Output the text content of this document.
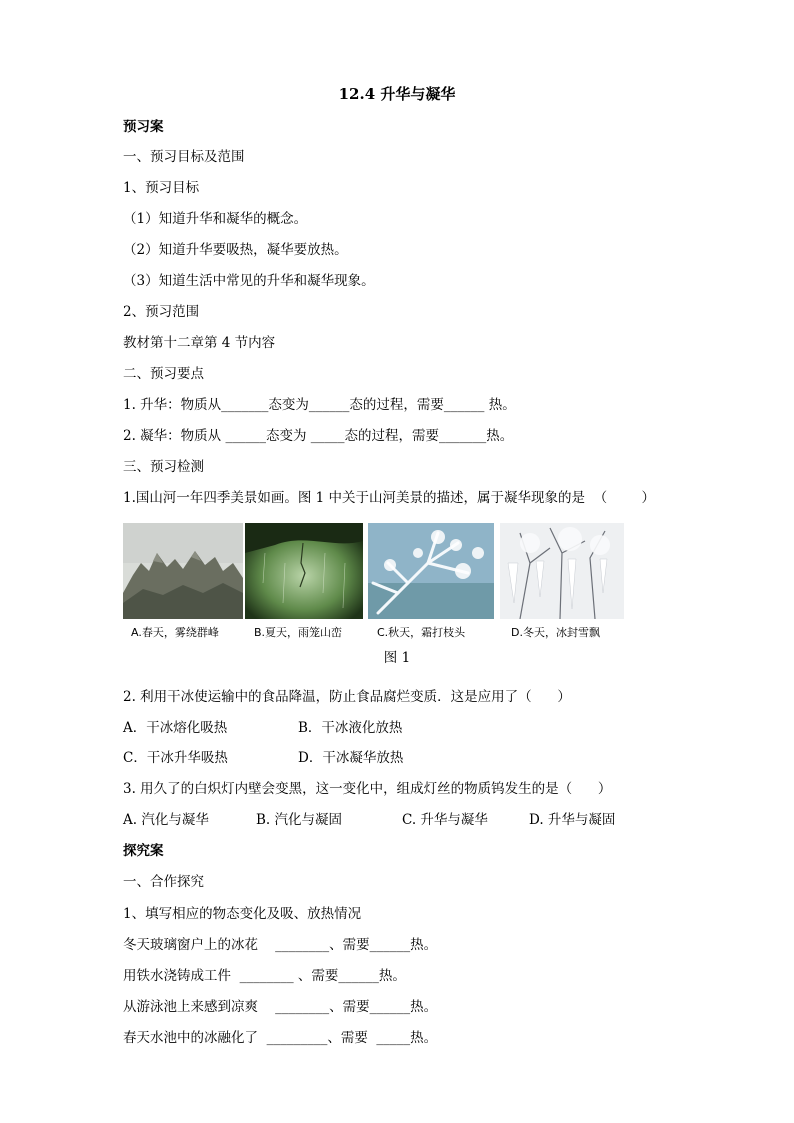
12.4 升华与凝华
预习案
一、预习目标及范围
1、预习目标
（1）知道升华和凝华的概念。
（2）知道升华要吸热，凝华要放热。
（3）知道生活中常见的升华和凝华现象。
2、预习范围
教材第十二章第 4 节内容
二、预习要点
1. 升华：物质从_______态变为______态的过程，需要______ 热。
2. 凝华：物质从 ______态变为 _____态的过程，需要_______热。
三、预习检测
1.国山河一年四季美景如画。图 1 中关于山河美景的描述，属于凝华现象的是  （        ）
A.春天，雾绕群峰	B.夏天，雨笼山峦	C.秋天，霜打枝头	D.冬天，冰封雪飘
图 1
2. 利用干冰使运输中的食品降温，防止食品腐烂变质．这是应用了（      ）
A．干冰熔化吸热	B．干冰液化放热
C．干冰升华吸热	D．干冰凝华放热
3. 用久了的白炽灯内壁会变黑，这一变化中，组成灯丝的物质钨发生的是（      ）
A. 汽化与凝华	B. 汽化与凝固	C. 升华与凝华	D. 升华与凝固
探究案
一、合作探究
1、填写相应的物态变化及吸、放热情况
冬天玻璃窗户上的冰花    ________、需要______热。
用铁水浇铸成工件  ________ 、需要______热。
从游泳池上来感到凉爽    ________、需要______热。
春天水池中的冰融化了  _________、需要  _____热。
